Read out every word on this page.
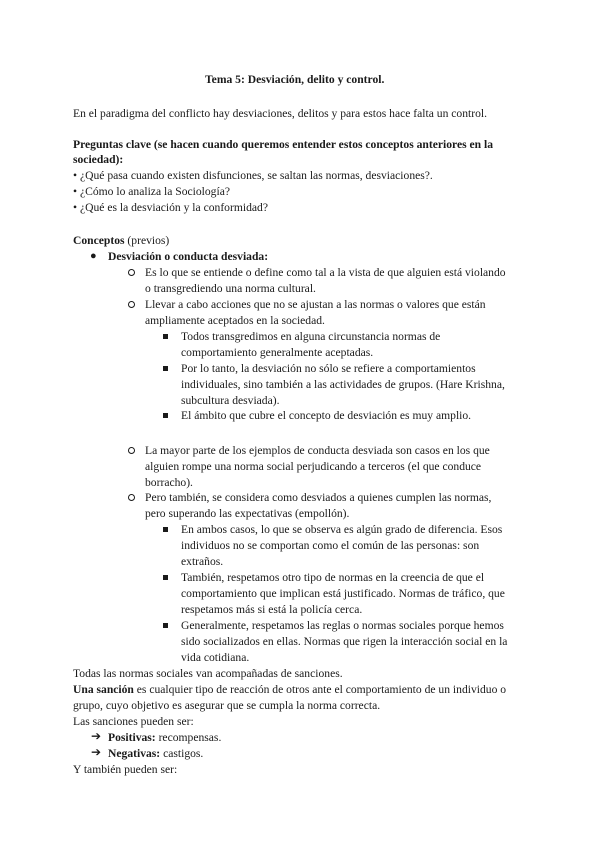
Tema 5: Desviación, delito y control.
En el paradigma del conflicto hay desviaciones, delitos y para estos hace falta un control.
Preguntas clave (se hacen cuando queremos entender estos conceptos anteriores en la
sociedad):
• ¿Qué pasa cuando existen disfunciones, se saltan las normas, desviaciones?.
• ¿Cómo lo analiza la Sociología?
• ¿Qué es la desviación y la conformidad?
Conceptos (previos)
● Desviación o conducta desviada:
Es lo que se entiende o define como tal a la vista de que alguien está violando
o transgrediendo una norma cultural.
Llevar a cabo acciones que no se ajustan a las normas o valores que están
ampliamente aceptados en la sociedad.
Todos transgredimos en alguna circunstancia normas de
comportamiento generalmente aceptadas.
Por lo tanto, la desviación no sólo se refiere a comportamientos
individuales, sino también a las actividades de grupos. (Hare Krishna,
subcultura desviada).
El ámbito que cubre el concepto de desviación es muy amplio.
La mayor parte de los ejemplos de conducta desviada son casos en los que
alguien rompe una norma social perjudicando a terceros (el que conduce
borracho).
Pero también, se considera como desviados a quienes cumplen las normas,
pero superando las expectativas (empollón).
En ambos casos, lo que se observa es algún grado de diferencia. Esos
individuos no se comportan como el común de las personas: son
extraños.
También, respetamos otro tipo de normas en la creencia de que el
comportamiento que implican está justificado. Normas de tráfico, que
respetamos más si está la policía cerca.
Generalmente, respetamos las reglas o normas sociales porque hemos
sido socializados en ellas. Normas que rigen la interacción social en la
vida cotidiana.
Todas las normas sociales van acompañadas de sanciones.
Una sanción es cualquier tipo de reacción de otros ante el comportamiento de un individuo o
grupo, cuyo objetivo es asegurar que se cumpla la norma correcta.
Las sanciones pueden ser:
➔ Positivas: recompensas.
➔ Negativas: castigos.
Y también pueden ser:
